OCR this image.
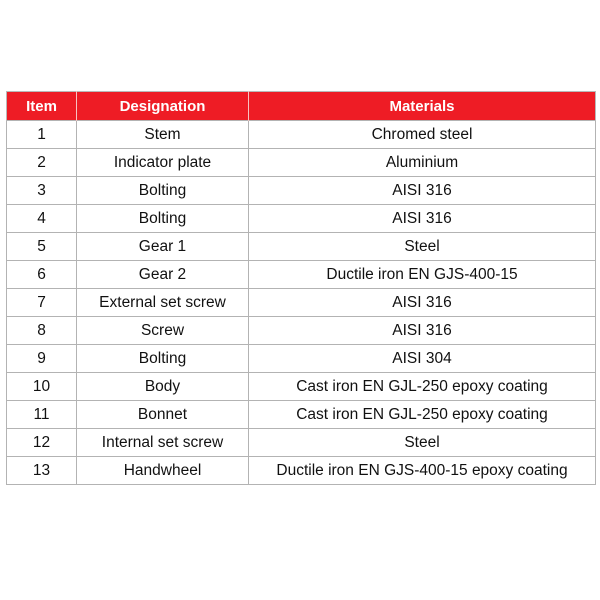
Item	Designation	Materials
1	Stem	Chromed steel
2	Indicator plate	Aluminium
3	Bolting	AISI 316
4	Bolting	AISI 316
5	Gear 1	Steel
6	Gear 2	Ductile iron EN GJS-400-15
7	External set screw	AISI 316
8	Screw	AISI 316
9	Bolting	AISI 304
10	Body	Cast iron EN GJL-250 epoxy coating
11	Bonnet	Cast iron EN GJL-250 epoxy coating
12	Internal set screw	Steel
13	Handwheel	Ductile iron EN GJS-400-15 epoxy coating
